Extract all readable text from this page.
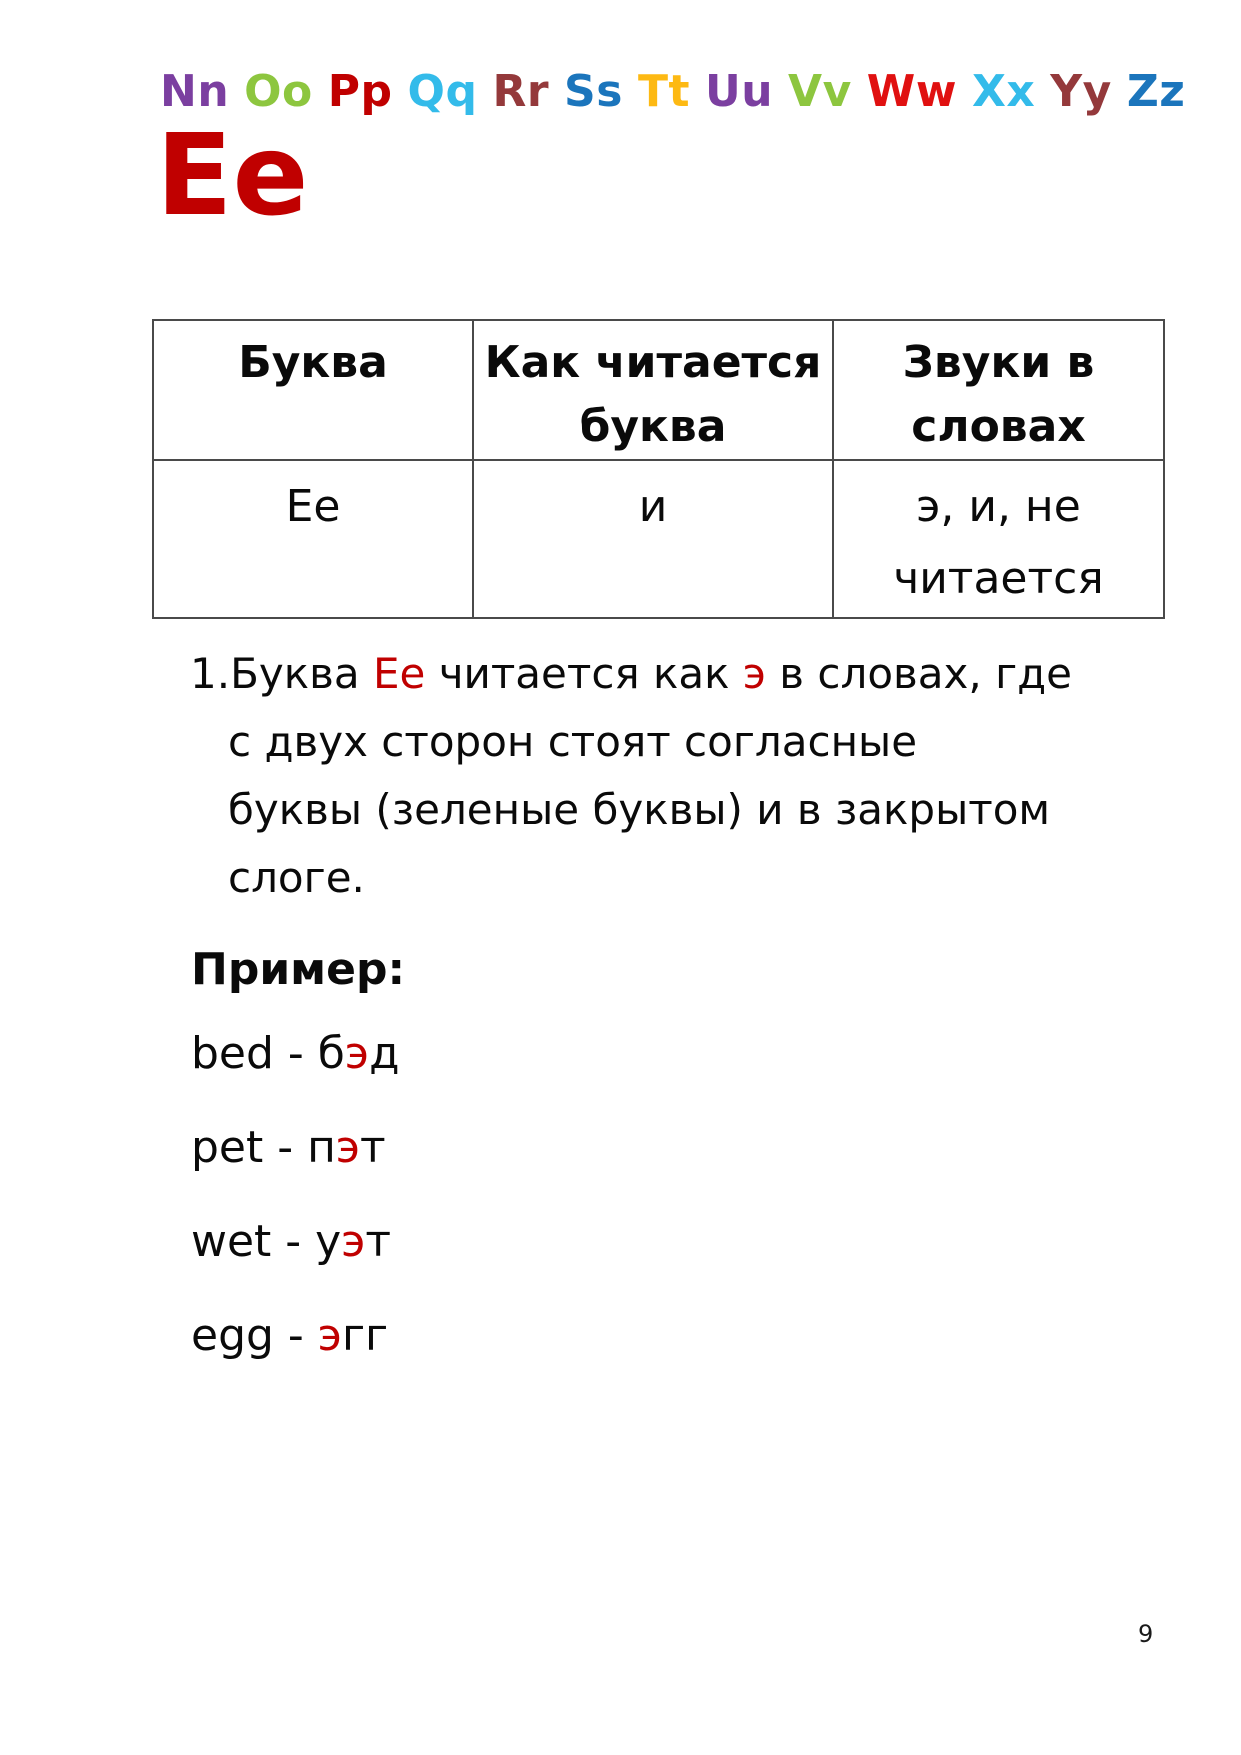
Nn Oo Pp Qq Rr Ss Tt Uu Vv Ww Xx Yy Zz
Ee
Буква	Как читается буква	Звуки в словах
Ee	и	э, и, не читается
1.Буква Ee читается как э в словах, где
с двух сторон стоят согласные
буквы (зеленые буквы) и в закрытом
слоге.

Пример:

bed - бэд
pet - пэт
wet - уэт
egg - эгг
9
